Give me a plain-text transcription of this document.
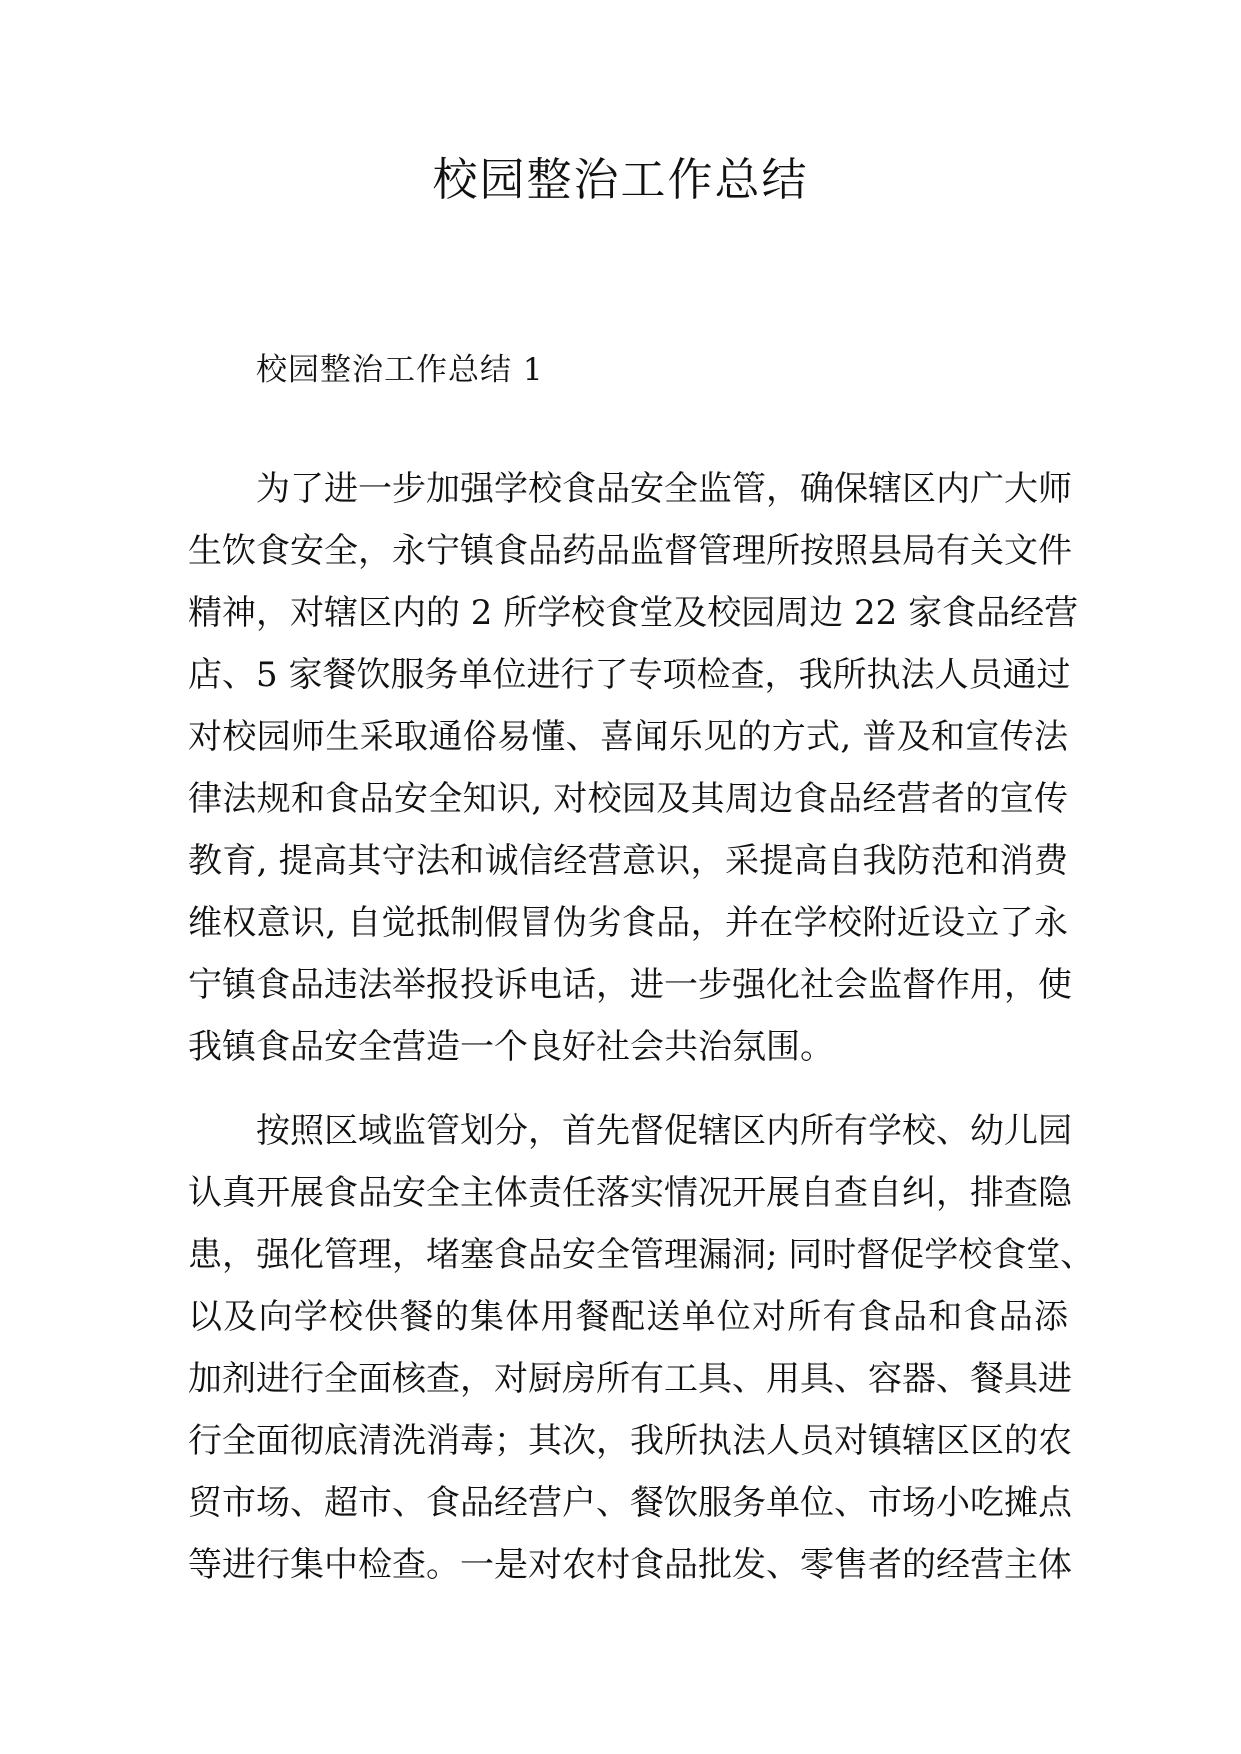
校园整治工作总结
校园整治工作总结 1
为了进一步加强学校食品安全监管，确保辖区内广大师
生饮食安全，永宁镇食品药品监督管理所按照县局有关文件
精神，对辖区内的 2 所学校食堂及校园周边 22 家食品经营
店、5 家餐饮服务单位进行了专项检查，我所执法人员通过
对校园师生采取通俗易懂、喜闻乐见的方式, 普及和宣传法
律法规和食品安全知识, 对校园及其周边食品经营者的宣传
教育, 提高其守法和诚信经营意识，采提高自我防范和消费
维权意识, 自觉抵制假冒伪劣食品，并在学校附近设立了永
宁镇食品违法举报投诉电话，进一步强化社会监督作用，使
我镇食品安全营造一个良好社会共治氛围。
按照区域监管划分，首先督促辖区内所有学校、幼儿园
认真开展食品安全主体责任落实情况开展自查自纠，排查隐
患，强化管理，堵塞食品安全管理漏洞; 同时督促学校食堂、
以及向学校供餐的集体用餐配送单位对所有食品和食品添
加剂进行全面核查，对厨房所有工具、用具、容器、餐具进
行全面彻底清洗消毒；其次，我所执法人员对镇辖区区的农
贸市场、超市、食品经营户、餐饮服务单位、市场小吃摊点
等进行集中检查。一是对农村食品批发、零售者的经营主体
